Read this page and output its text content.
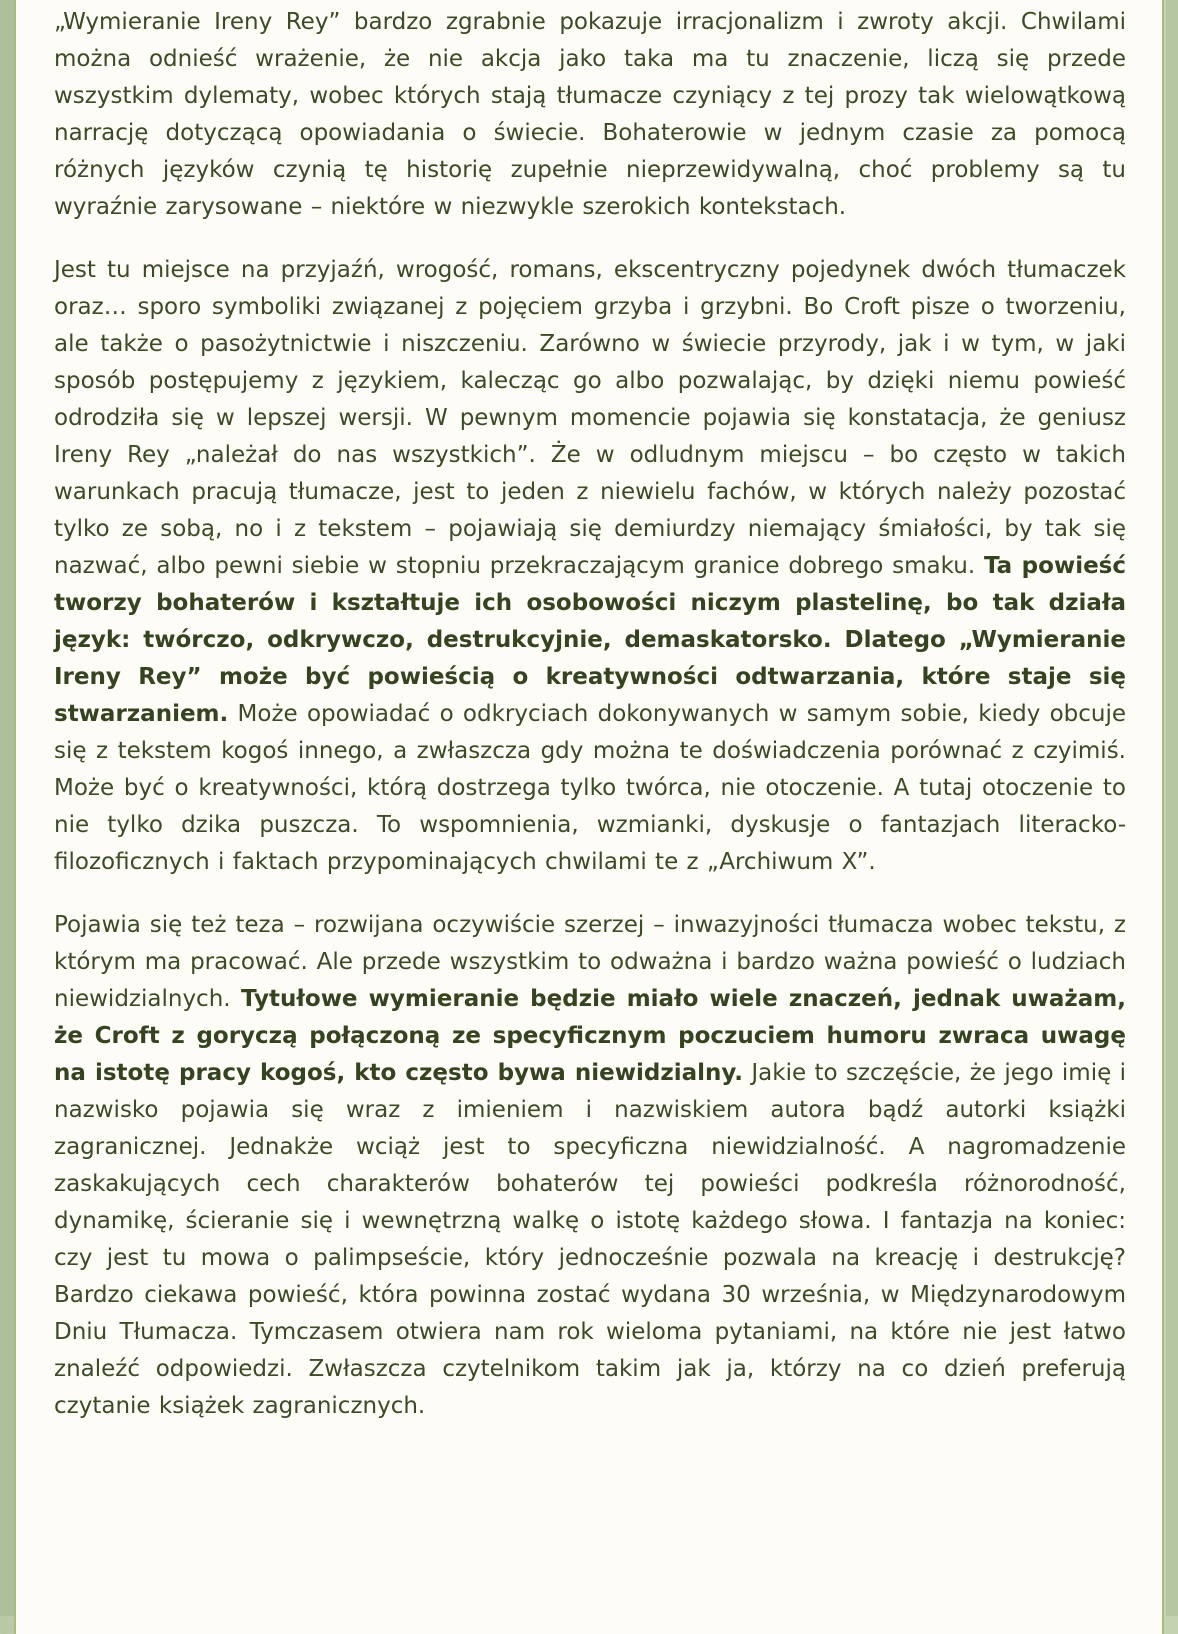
„Wymieranie Ireny Rey” bardzo zgrabnie pokazuje irracjonalizm i zwroty akcji. Chwilami można odnieść wrażenie, że nie akcja jako taka ma tu znaczenie, liczą się przede wszystkim dylematy, wobec których stają tłumacze czyniący z tej prozy tak wielowątkową narrację dotyczącą opowiadania o świecie. Bohaterowie w jednym czasie za pomocą różnych języków czynią tę historię zupełnie nieprzewidywalną, choć problemy są tu wyraźnie zarysowane – niektóre w niezwykle szerokich kontekstach.

Jest tu miejsce na przyjaźń, wrogość, romans, ekscentryczny pojedynek dwóch tłumaczek oraz… sporo symboliki związanej z pojęciem grzyba i grzybni. Bo Croft pisze o tworzeniu, ale także o pasożytnictwie i niszczeniu. Zarówno w świecie przyrody, jak i w tym, w jaki sposób postępujemy z językiem, kalecząc go albo pozwalając, by dzięki niemu powieść odrodziła się w lepszej wersji. W pewnym momencie pojawia się konstatacja, że geniusz Ireny Rey „należał do nas wszystkich”. Że w odludnym miejscu – bo często w takich warunkach pracują tłumacze, jest to jeden z niewielu fachów, w których należy pozostać tylko ze sobą, no i z tekstem – pojawiają się demiurdzy niemający śmiałości, by tak się nazwać, albo pewni siebie w stopniu przekraczającym granice dobrego smaku. Ta powieść tworzy bohaterów i kształtuje ich osobowości niczym plastelinę, bo tak działa język: twórczo, odkrywczo, destrukcyjnie, demaskatorsko. Dlatego „Wymieranie Ireny Rey” może być powieścią o kreatywności odtwarzania, które staje się stwarzaniem. Może opowiadać o odkryciach dokonywanych w samym sobie, kiedy obcuje się z tekstem kogoś innego, a zwłaszcza gdy można te doświadczenia porównać z czyimiś. Może być o kreatywności, którą dostrzega tylko twórca, nie otoczenie. A tutaj otoczenie to nie tylko dzika puszcza. To wspomnienia, wzmianki, dyskusje o fantazjach literacko-filozoficznych i faktach przypominających chwilami te z „Archiwum X”.

Pojawia się też teza – rozwijana oczywiście szerzej – inwazyjności tłumacza wobec tekstu, z którym ma pracować. Ale przede wszystkim to odważna i bardzo ważna powieść o ludziach niewidzialnych. Tytułowe wymieranie będzie miało wiele znaczeń, jednak uważam, że Croft z goryczą połączoną ze specyficznym poczuciem humoru zwraca uwagę na istotę pracy kogoś, kto często bywa niewidzialny. Jakie to szczęście, że jego imię i nazwisko pojawia się wraz z imieniem i nazwiskiem autora bądź autorki książki zagranicznej. Jednakże wciąż jest to specyficzna niewidzialność. A nagromadzenie zaskakujących cech charakterów bohaterów tej powieści podkreśla różnorodność, dynamikę, ścieranie się i wewnętrzną walkę o istotę każdego słowa. I fantazja na koniec: czy jest tu mowa o palimpseście, który jednocześnie pozwala na kreację i destrukcję? Bardzo ciekawa powieść, która powinna zostać wydana 30 września, w Międzynarodowym Dniu Tłumacza. Tymczasem otwiera nam rok wieloma pytaniami, na które nie jest łatwo znaleźć odpowiedzi. Zwłaszcza czytelnikom takim jak ja, którzy na co dzień preferują czytanie książek zagranicznych.
